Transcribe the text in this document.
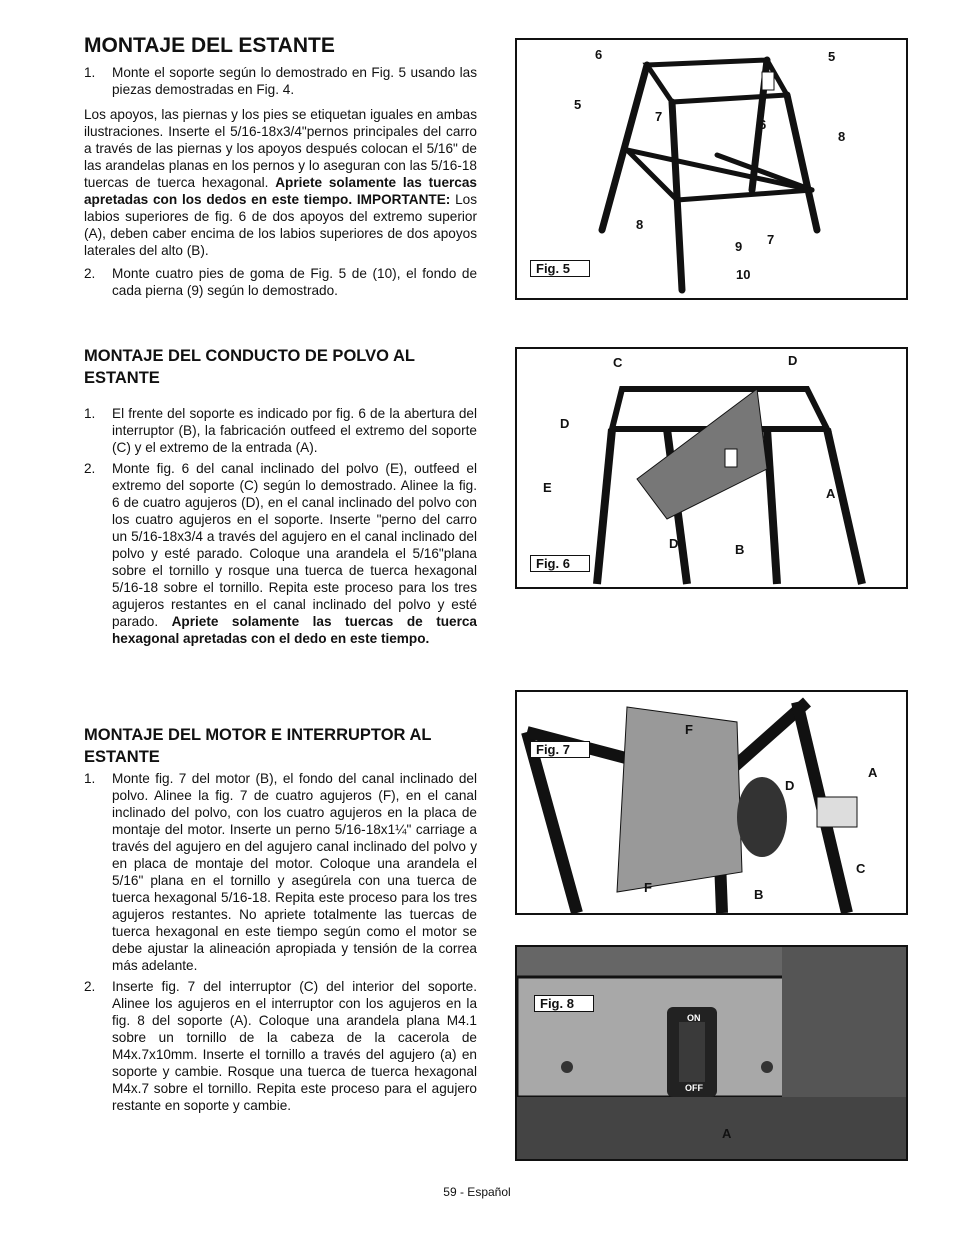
MONTAJE DEL ESTANTE
1. Monte el soporte según lo demostrado en Fig. 5 usando las piezas demostradas en Fig. 4.

Los apoyos, las piernas y los pies se etiquetan iguales en ambas ilustraciones. Inserte el 5/16-18x3/4"pernos principales del carro a través de las piernas y los apoyos después colocan el 5/16" de las arandelas planas en los pernos y lo aseguran con las 5/16-18 tuercas de tuerca hexagonal. Apriete solamente las tuercas apretadas con los dedos en este tiempo. IMPORTANTE: Los labios superiores de fig. 6 de dos apoyos del extremo superior (A), deben caber encima de los labios superiores de dos apoyos laterales del alto (B).

2. Monte cuatro pies de goma de Fig. 5 de (10), el fondo de cada pierna (9) según lo demostrado.
MONTAJE DEL CONDUCTO DE POLVO AL ESTANTE
1. El frente del soporte es indicado por fig. 6 de la abertura del interruptor (B), la fabricación outfeed el extremo del soporte (C) y el extremo de la entrada (A).
2. Monte fig. 6 del canal inclinado del polvo (E), outfeed el extremo del soporte (C) según lo demostrado. Alinee la fig. 6 de cuatro agujeros (D), en el canal inclinado del polvo con los cuatro agujeros en el soporte. Inserte "perno del carro un 5/16-18x3/4 a través del agujero en el canal inclinado del polvo y esté parado. Coloque una arandela el 5/16"plana sobre el tornillo y rosque una tuerca de tuerca hexagonal 5/16-18 sobre el tornillo. Repita este proceso para los tres agujeros restantes en el canal inclinado del polvo y esté parado. Apriete solamente las tuercas de tuerca hexagonal apretadas con el dedo en este tiempo.
MONTAJE DEL MOTOR E INTERRUPTOR AL ESTANTE
1. Monte fig. 7 del motor (B), el fondo del canal inclinado del polvo. Alinee la fig. 7 de cuatro agujeros (F), en el canal inclinado del polvo, con los cuatro agujeros en la placa de montaje del motor. Inserte un perno 5/16-18x1¼" carriage a través del agujero en del agujero canal inclinado del polvo y en placa de montaje del motor. Coloque una arandela el 5/16" plana en el tornillo y asegúrela con una tuerca de tuerca hexagonal 5/16-18. Repita este proceso para los tres agujeros restantes. No apriete totalmente las tuercas de tuerca hexagonal en este tiempo según como el motor se debe ajustar la alineación apropiada y tensión de la correa más adelante.
2. Inserte fig. 7 del interruptor (C) del interior del soporte. Alinee los agujeros en el interruptor con los agujeros en la fig. 8 del soporte (A). Coloque una arandela plana M4.1 sobre un tornillo de la cabeza de la cacerola de M4x.7x10mm. Inserte el tornillo a través del agujero (a) en soporte y cambie. Rosque una tuerca de tuerca hexagonal M4x.7 sobre el tornillo. Repita este proceso para el agujero restante en soporte y cambie.
Fig. 5
6	5
5
7
6
8
8
9 7
10
Fig. 6
C	D
D
E	A
D	B
Fig. 7
F
A
D
C
F	B
ON
OFF
Fig. 8
A
59 - Español
